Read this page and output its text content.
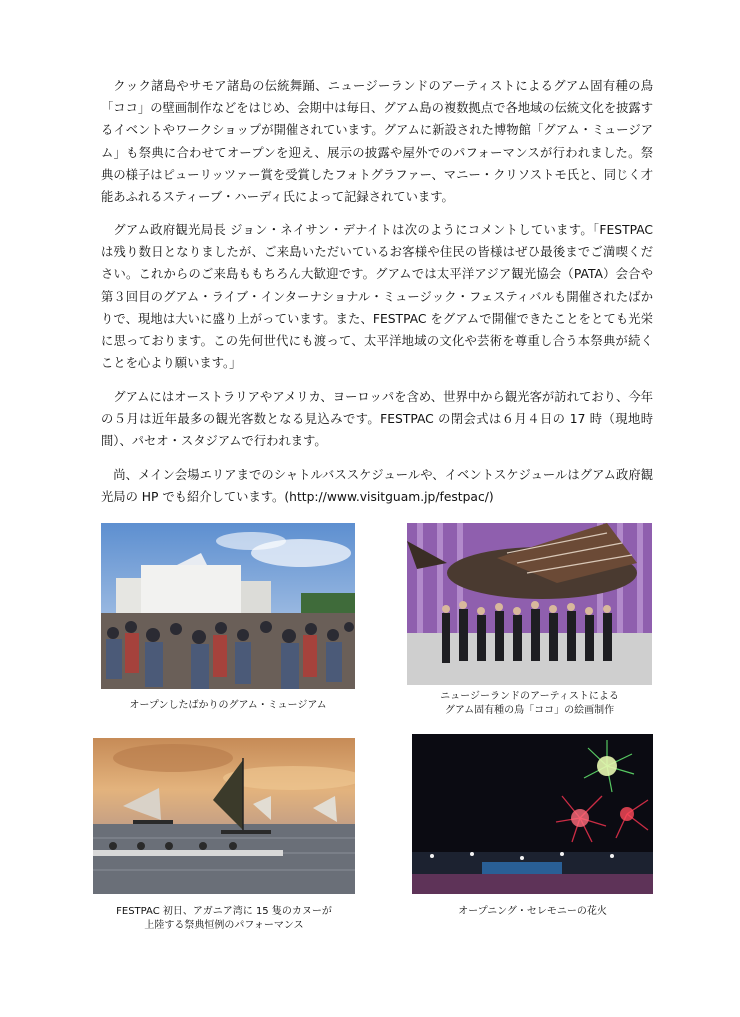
クック諸島やサモア諸島の伝統舞踊、ニュージーランドのアーティストによるグアム固有種の鳥「ココ」の壁画制作などをはじめ、会期中は毎日、グアム島の複数拠点で各地域の伝統文化を披露するイベントやワークショップが開催されています。グアムに新設された博物館「グアム・ミュージアム」も祭典に合わせてオープンを迎え、展示の披露や屋外でのパフォーマンスが行われました。祭典の様子はピューリッツァー賞を受賞したフォトグラファー、マニー・クリソストモ氏と、同じく才能あふれるスティーブ・ハーディ氏によって記録されています。

グアム政府観光局長 ジョン・ネイサン・デナイトは次のようにコメントしています。「FESTPAC は残り数日となりましたが、ご来島いただいているお客様や住民の皆様はぜひ最後までご満喫ください。これからのご来島ももちろん大歓迎です。グアムでは太平洋アジア観光協会（PATA）会合や第３回目のグアム・ライブ・インターナショナル・ミュージック・フェスティバルも開催されたばかりで、現地は大いに盛り上がっています。また、FESTPAC をグアムで開催できたことをとても光栄に思っております。この先何世代にも渡って、太平洋地域の文化や芸術を尊重し合う本祭典が続くことを心より願います。」

グアムにはオーストラリアやアメリカ、ヨーロッパを含め、世界中から観光客が訪れており、今年の５月は近年最多の観光客数となる見込みです。FESTPAC の閉会式は６月４日の 17 時（現地時間）、パセオ・スタジアムで行われます。

尚、メイン会場エリアまでのシャトルバススケジュールや、イベントスケジュールはグアム政府観光局の HP でも紹介しています。(http://www.visitguam.jp/festpac/)

オープンしたばかりのグアム・ミュージアム
ニュージーランドのアーティストによる
グアム固有種の鳥「ココ」の絵画制作
FESTPAC 初日、アガニア湾に 15 隻のカヌーが
上陸する祭典恒例のパフォーマンス
オープニング・セレモニーの花火
